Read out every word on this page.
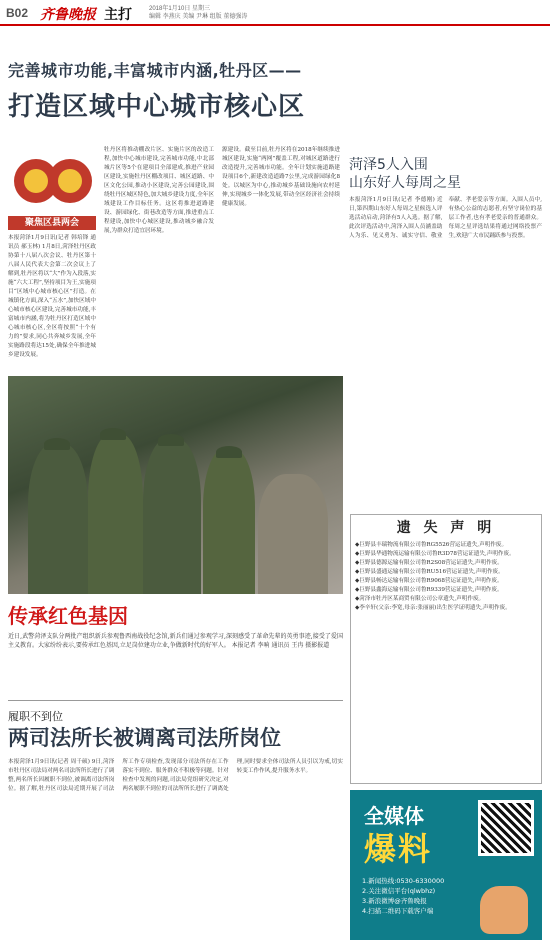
B02 齐鲁晚报 主打	2018年1月10日 星期三
编辑 李燕庆 美编 尹琳 组版 董德强涛
完善城市功能,丰富城市内涵,牡丹区——
打造区域中心城市核心区
聚焦区县两会
本报菏泽1月9日讯(记者 韩培锋 通讯员 郝玉林) 1月8日,菏泽牡丹区政协第十八届八次会议、牡丹区第十八届人民代表大会第二次会议上了解到,牡丹区将以“大”作为入段落,实施“六大工程”,坚持项目为王,实施项目“区域中心城市核心区”打造。在城镇化方面,深入“五水”,加快区域中心城市核心区建设,完善城市功能,丰富城市内涵,将为牡丹区打造区域中心城市核心区,全区将按照“十个有力的”要求,同心共奔城乡发展,全年实施路段将达15处,确保全年推进城乡建设发展。
牡丹区将推动棚改片区、实施片区的改造工程,加快中心城市建设,完善城市功能,中北部城片区等5个在建项目全部建成,推进产业园区建设,实施牡丹区棚改项目、城区道路、中区文化公园,推动小区建设,完善公园建设,围绕牡丹区城区特色,加大城乡建设力度,全年区域建设工作目标任务。这区将推进道路建设、游园绿化、街巷改造等方面,推进重点工程建设,加快中心城区建设,推动城乡融合发展,为群众打造宜居环境。
源建设。截至目前,牡丹区将在2018年继续推进城区建设,实施“两网”覆盖工程,对城区道路进行改造提升,完善城市功能。全年计划实施道路建设项目6个,新建改造道路7公里,完成游园绿化8处。以城区为中心,推动城乡基础设施向农村延伸,实现城乡一体化发展,带动全区经济社会持续健康发展。
传承红色基因
近日,武警菏泽支队分两批产组织新兵参观鲁西南战役纪念馆,新兵们通过参观学习,深刻感受了革命先辈的英勇事迹,接受了爱国主义教育。大家纷纷表示,要传承红色基因,立足岗位建功立业,争做新时代的好军人。 本报记者 李响 通讯员 王冉 摄影报道
履职不到位
两司法所长被调离司法所岗位
本报菏泽1月9日讯(记者 周千硕) 9日,菏泽市牡丹区司法局对两名司法所所长进行了调整,两名所长因履职不到位,被调离司法所岗位。据了解,牡丹区司法局近期开展了司法所工作专项检查,发现部分司法所存在工作落实不到位、服务群众不积极等问题。针对检查中发现的问题,司法局党组研究决定,对两名履职不到位的司法所所长进行了调离处理,同时要求全体司法所人员引以为戒,切实转变工作作风,提升服务水平。
菏泽5人入围
山东好人每周之星
本报菏泽1月9日讯(记者 李德刚) 近日,第四期山东好人每周之星候选人评选活动启动,菏泽有5人入选。据了解,此次评选活动中,菏泽入围人员涵盖助人为乐、见义勇为、诚实守信、敬业奉献、孝老爱亲等方面。入围人员中,有热心公益的志愿者,有坚守岗位的基层工作者,也有孝老爱亲的普通群众。每周之星评选结果将通过网络投票产生,欢迎广大市民踊跃参与投票。
遗 失 声 明
◆巨野县丰瑞物流有限公司鲁RG5526营运证遗失,声明作废。
◆巨野县华通物流运输有限公司鲁R3D78营运证遗失,声明作废。
◆巨野县德源运输有限公司鲁R2S08营运证遗失,声明作废。
◆巨野县盛通运输有限公司鲁RU516营运证遗失,声明作废。
◆巨野县畅达运输有限公司鲁R9068营运证遗失,声明作废。
◆巨野县鑫海运输有限公司鲁R9339营运证遗失,声明作废。
◆菏泽市牡丹区某商贸有限公司公章遗失,声明作废。
◆李辛轩(父亲:李宽,母亲:张丽丽)出生医学证明遗失,声明作废。
全媒体
爆料
1.新闻热线:0530-6330000
2.关注微信平台(qlwbhz)
3.新浪微博@齐鲁晚报
4.扫描二维码下载客户端
